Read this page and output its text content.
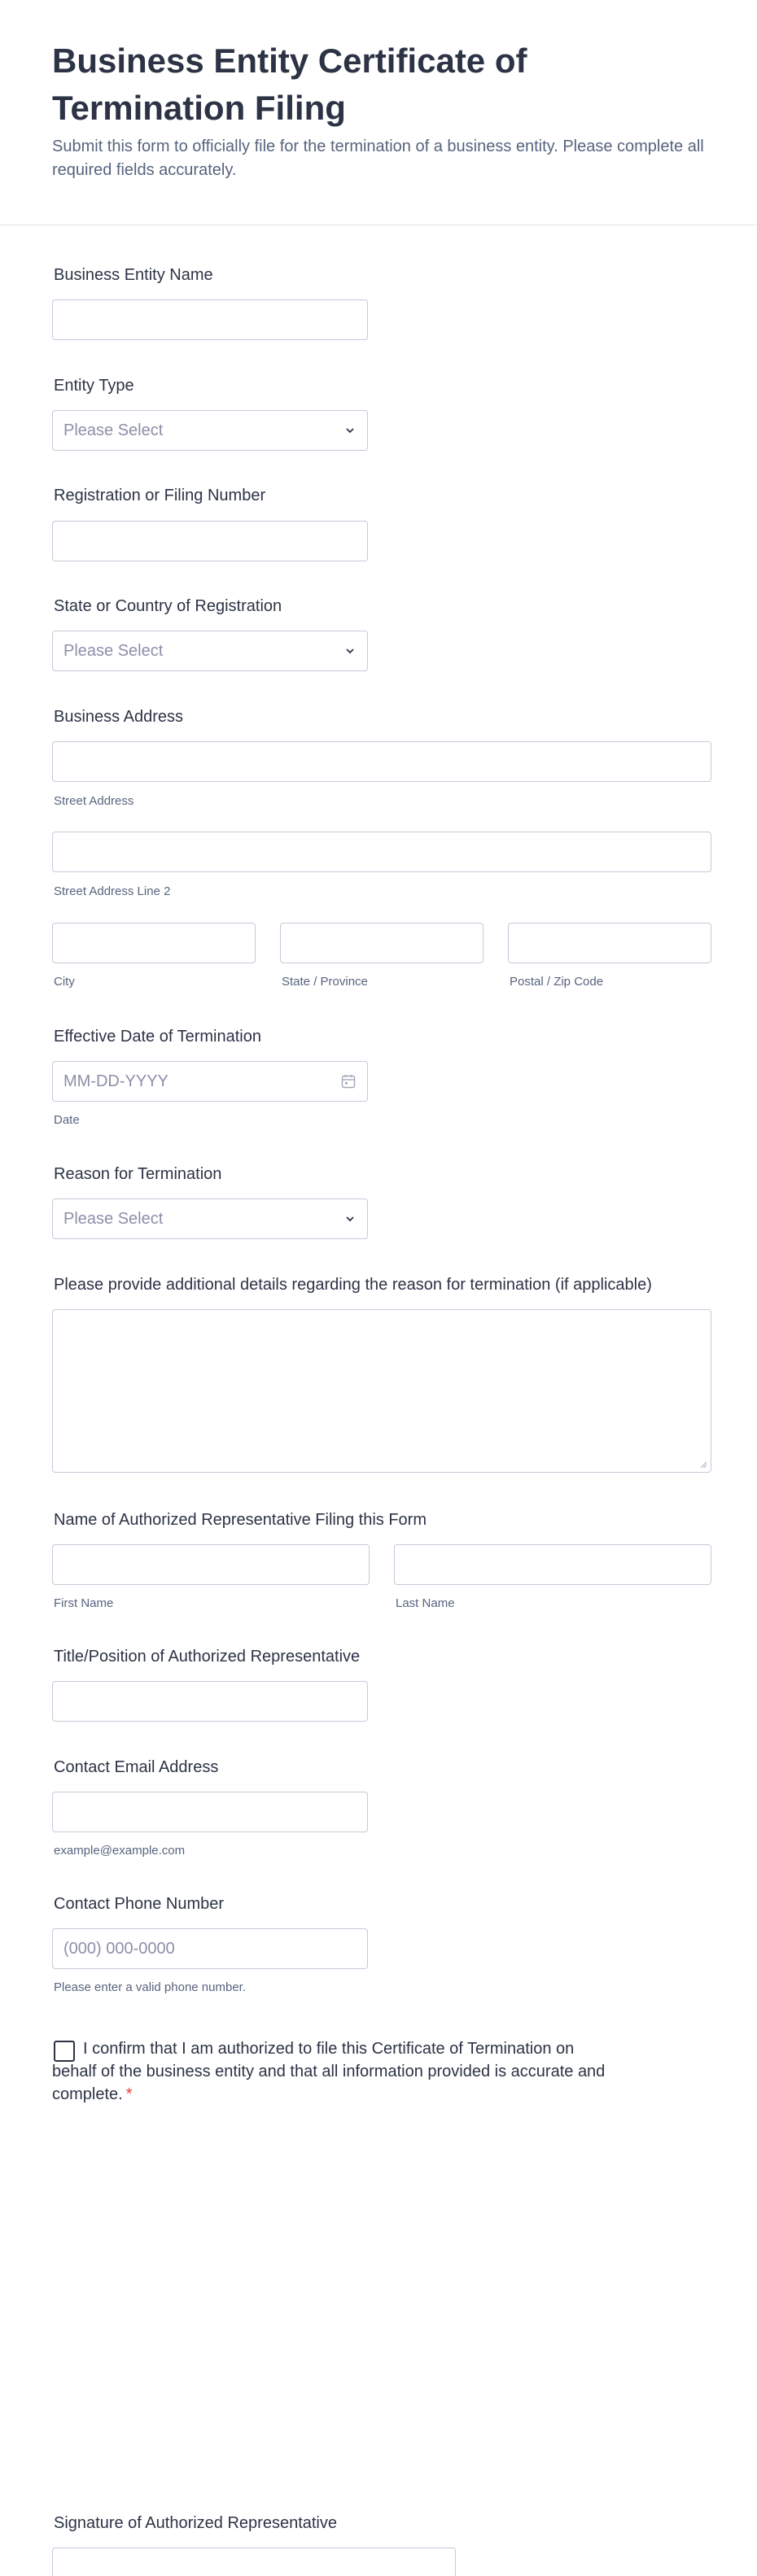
Business Entity Certificate of Termination Filing

Submit this form to officially file for the termination of a business entity. Please complete all required fields accurately.

Business Entity Name
Entity Type
Please Select
Registration or Filing Number
State or Country of Registration
Please Select
Business Address
Street Address
Street Address Line 2
City	State / Province	Postal / Zip Code
Effective Date of Termination
MM-DD-YYYY
Date
Reason for Termination
Please Select
Please provide additional details regarding the reason for termination (if applicable)
Name of Authorized Representative Filing this Form
First Name	Last Name
Title/Position of Authorized Representative
Contact Email Address
example@example.com
Contact Phone Number
(000) 000-0000
Please enter a valid phone number.
I confirm that I am authorized to file this Certificate of Termination on behalf of the business entity and that all information provided is accurate and complete. *
Signature of Authorized Representative
